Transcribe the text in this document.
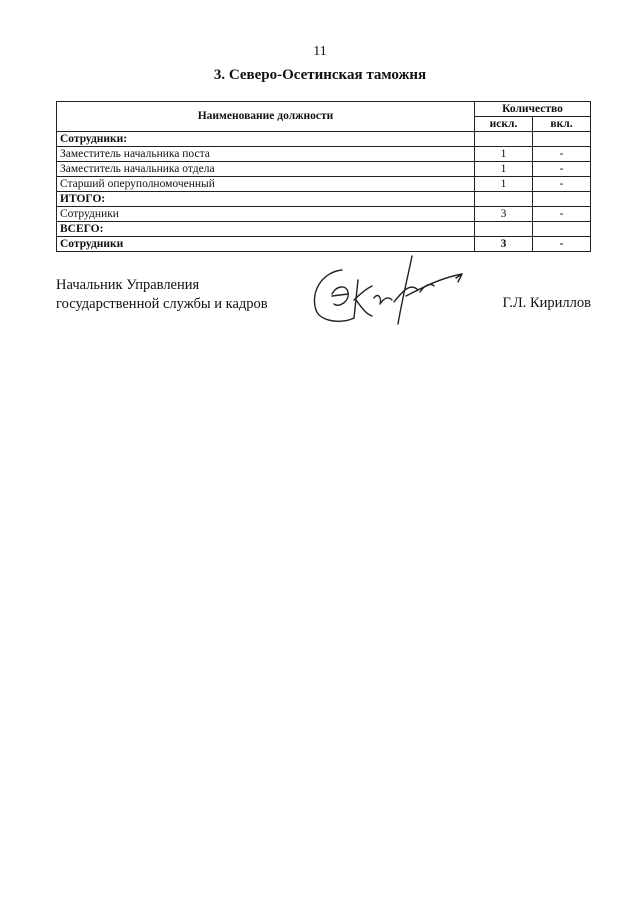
11
3. Северо-Осетинская таможня
Наименование должности	Количество	
	искл.	вкл.
Сотрудники:		
Заместитель начальника поста	1	-
Заместитель начальника отдела	1	-
Старший оперуполномоченный	1	-
ИТОГО:		
Сотрудники	3	-
ВСЕГО:		
Сотрудники	3	-
Начальник Управления
государственной службы и кадров	Г.Л. Кириллов
